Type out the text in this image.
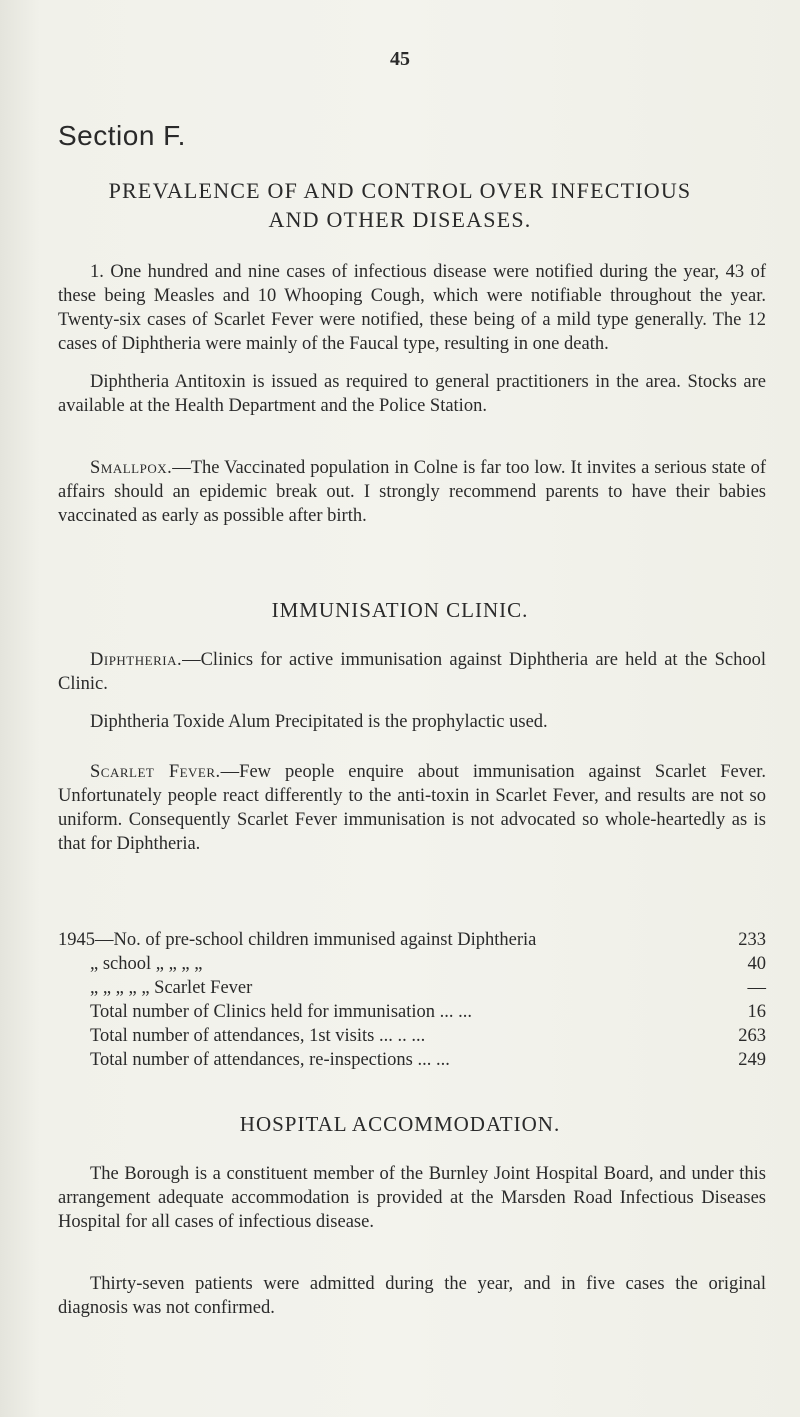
45
Section F.
PREVALENCE OF AND CONTROL OVER INFECTIOUS
AND OTHER DISEASES.
1. One hundred and nine cases of infectious disease were notified during the year, 43 of these being Measles and 10 Whooping Cough, which were notifiable throughout the year. Twenty-six cases of Scarlet Fever were notified, these being of a mild type generally. The 12 cases of Diphtheria were mainly of the Faucal type, resulting in one death.
Diphtheria Antitoxin is issued as required to general practitioners in the area. Stocks are available at the Health Department and the Police Station.
Smallpox.—The Vaccinated population in Colne is far too low. It invites a serious state of affairs should an epidemic break out. I strongly recommend parents to have their babies vaccinated as early as possible after birth.
IMMUNISATION CLINIC.
Diphtheria.—Clinics for active immunisation against Diphtheria are held at the School Clinic.
Diphtheria Toxide Alum Precipitated is the prophylactic used.
Scarlet Fever.—Few people enquire about immunisation against Scarlet Fever. Unfortunately people react differently to the anti-toxin in Scarlet Fever, and results are not so uniform. Consequently Scarlet Fever immunisation is not advocated so whole-heartedly as is that for Diphtheria.
1945—No. of pre-school children immunised against Diphtheria	233
„ school „ „ „ „	40
„ „ „ „ „ Scarlet Fever	—
Total number of Clinics held for immunisation ... ...	16
Total number of attendances, 1st visits ... .. ...	263
Total number of attendances, re-inspections ... ...	249
HOSPITAL ACCOMMODATION.
The Borough is a constituent member of the Burnley Joint Hospital Board, and under this arrangement adequate accommodation is provided at the Marsden Road Infectious Diseases Hospital for all cases of infectious disease.
Thirty-seven patients were admitted during the year, and in five cases the original diagnosis was not confirmed.
